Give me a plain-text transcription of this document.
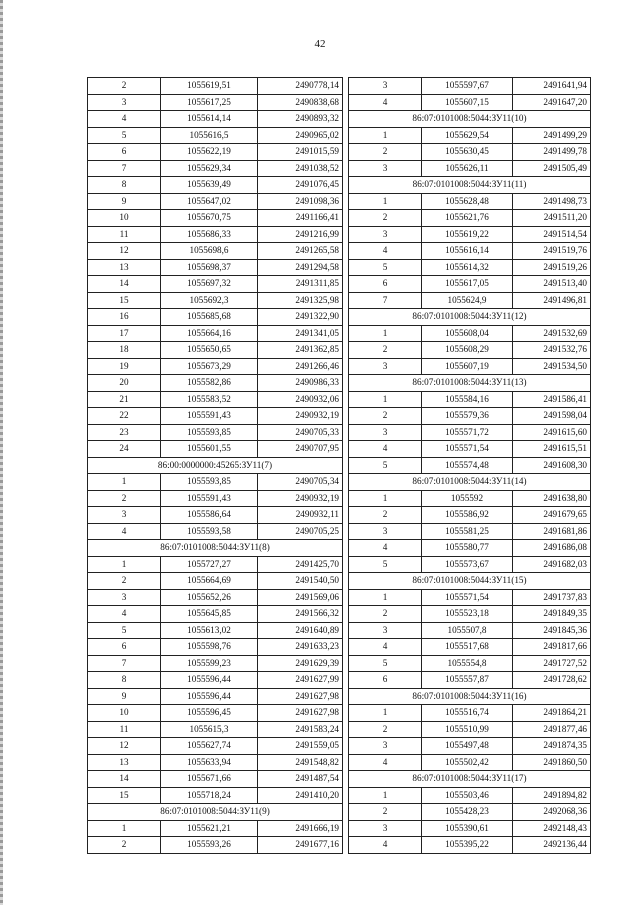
42
2	1055619,51	2490778,14
3	1055617,25	2490838,68
4	1055614,14	2490893,32
5	1055616,5	2490965,02
6	1055622,19	2491015,59
7	1055629,34	2491038,52
8	1055639,49	2491076,45
9	1055647,02	2491098,36
10	1055670,75	2491166,41
11	1055686,33	2491216,99
12	1055698,6	2491265,58
13	1055698,37	2491294,58
14	1055697,32	2491311,85
15	1055692,3	2491325,98
16	1055685,68	2491322,90
17	1055664,16	2491341,05
18	1055650,65	2491362,85
19	1055673,29	2491266,46
20	1055582,86	2490986,33
21	1055583,52	2490932,06
22	1055591,43	2490932,19
23	1055593,85	2490705,33
24	1055601,55	2490707,95
86:00:0000000:45265:ЗУ11(7)		
1	1055593,85	2490705,34
2	1055591,43	2490932,19
3	1055586,64	2490932,11
4	1055593,58	2490705,25
86:07:0101008:5044:ЗУ11(8)		
1	1055727,27	2491425,70
2	1055664,69	2491540,50
3	1055652,26	2491569,06
4	1055645,85	2491566,32
5	1055613,02	2491640,89
6	1055598,76	2491633,23
7	1055599,23	2491629,39
8	1055596,44	2491627,99
9	1055596,44	2491627,98
10	1055596,45	2491627,98
11	1055615,3	2491583,24
12	1055627,74	2491559,05
13	1055633,94	2491548,82
14	1055671,66	2491487,54
15	1055718,24	2491410,20
86:07:0101008:5044:ЗУ11(9)		
1	1055621,21	2491666,19
2	1055593,26	2491677,16
3	1055597,67	2491641,94
4	1055607,15	2491647,20
86:07:0101008:5044:ЗУ11(10)		
1	1055629,54	2491499,29
2	1055630,45	2491499,78
3	1055626,11	2491505,49
86:07:0101008:5044:ЗУ11(11)		
1	1055628,48	2491498,73
2	1055621,76	2491511,20
3	1055619,22	2491514,54
4	1055616,14	2491519,76
5	1055614,32	2491519,26
6	1055617,05	2491513,40
7	1055624,9	2491496,81
86:07:0101008:5044:ЗУ11(12)		
1	1055608,04	2491532,69
2	1055608,29	2491532,76
3	1055607,19	2491534,50
86:07:0101008:5044:ЗУ11(13)		
1	1055584,16	2491586,41
2	1055579,36	2491598,04
3	1055571,72	2491615,60
4	1055571,54	2491615,51
5	1055574,48	2491608,30
86:07:0101008:5044:ЗУ11(14)		
1	1055592	2491638,80
2	1055586,92	2491679,65
3	1055581,25	2491681,86
4	1055580,77	2491686,08
5	1055573,67	2491682,03
86:07:0101008:5044:ЗУ11(15)		
1	1055571,54	2491737,83
2	1055523,18	2491849,35
3	1055507,8	2491845,36
4	1055517,68	2491817,66
5	1055554,8	2491727,52
6	1055557,87	2491728,62
86:07:0101008:5044:ЗУ11(16)		
1	1055516,74	2491864,21
2	1055510,99	2491877,46
3	1055497,48	2491874,35
4	1055502,42	2491860,50
86:07:0101008:5044:ЗУ11(17)		
1	1055503,46	2491894,82
2	1055428,23	2492068,36
3	1055390,61	2492148,43
4	1055395,22	2492136,44
